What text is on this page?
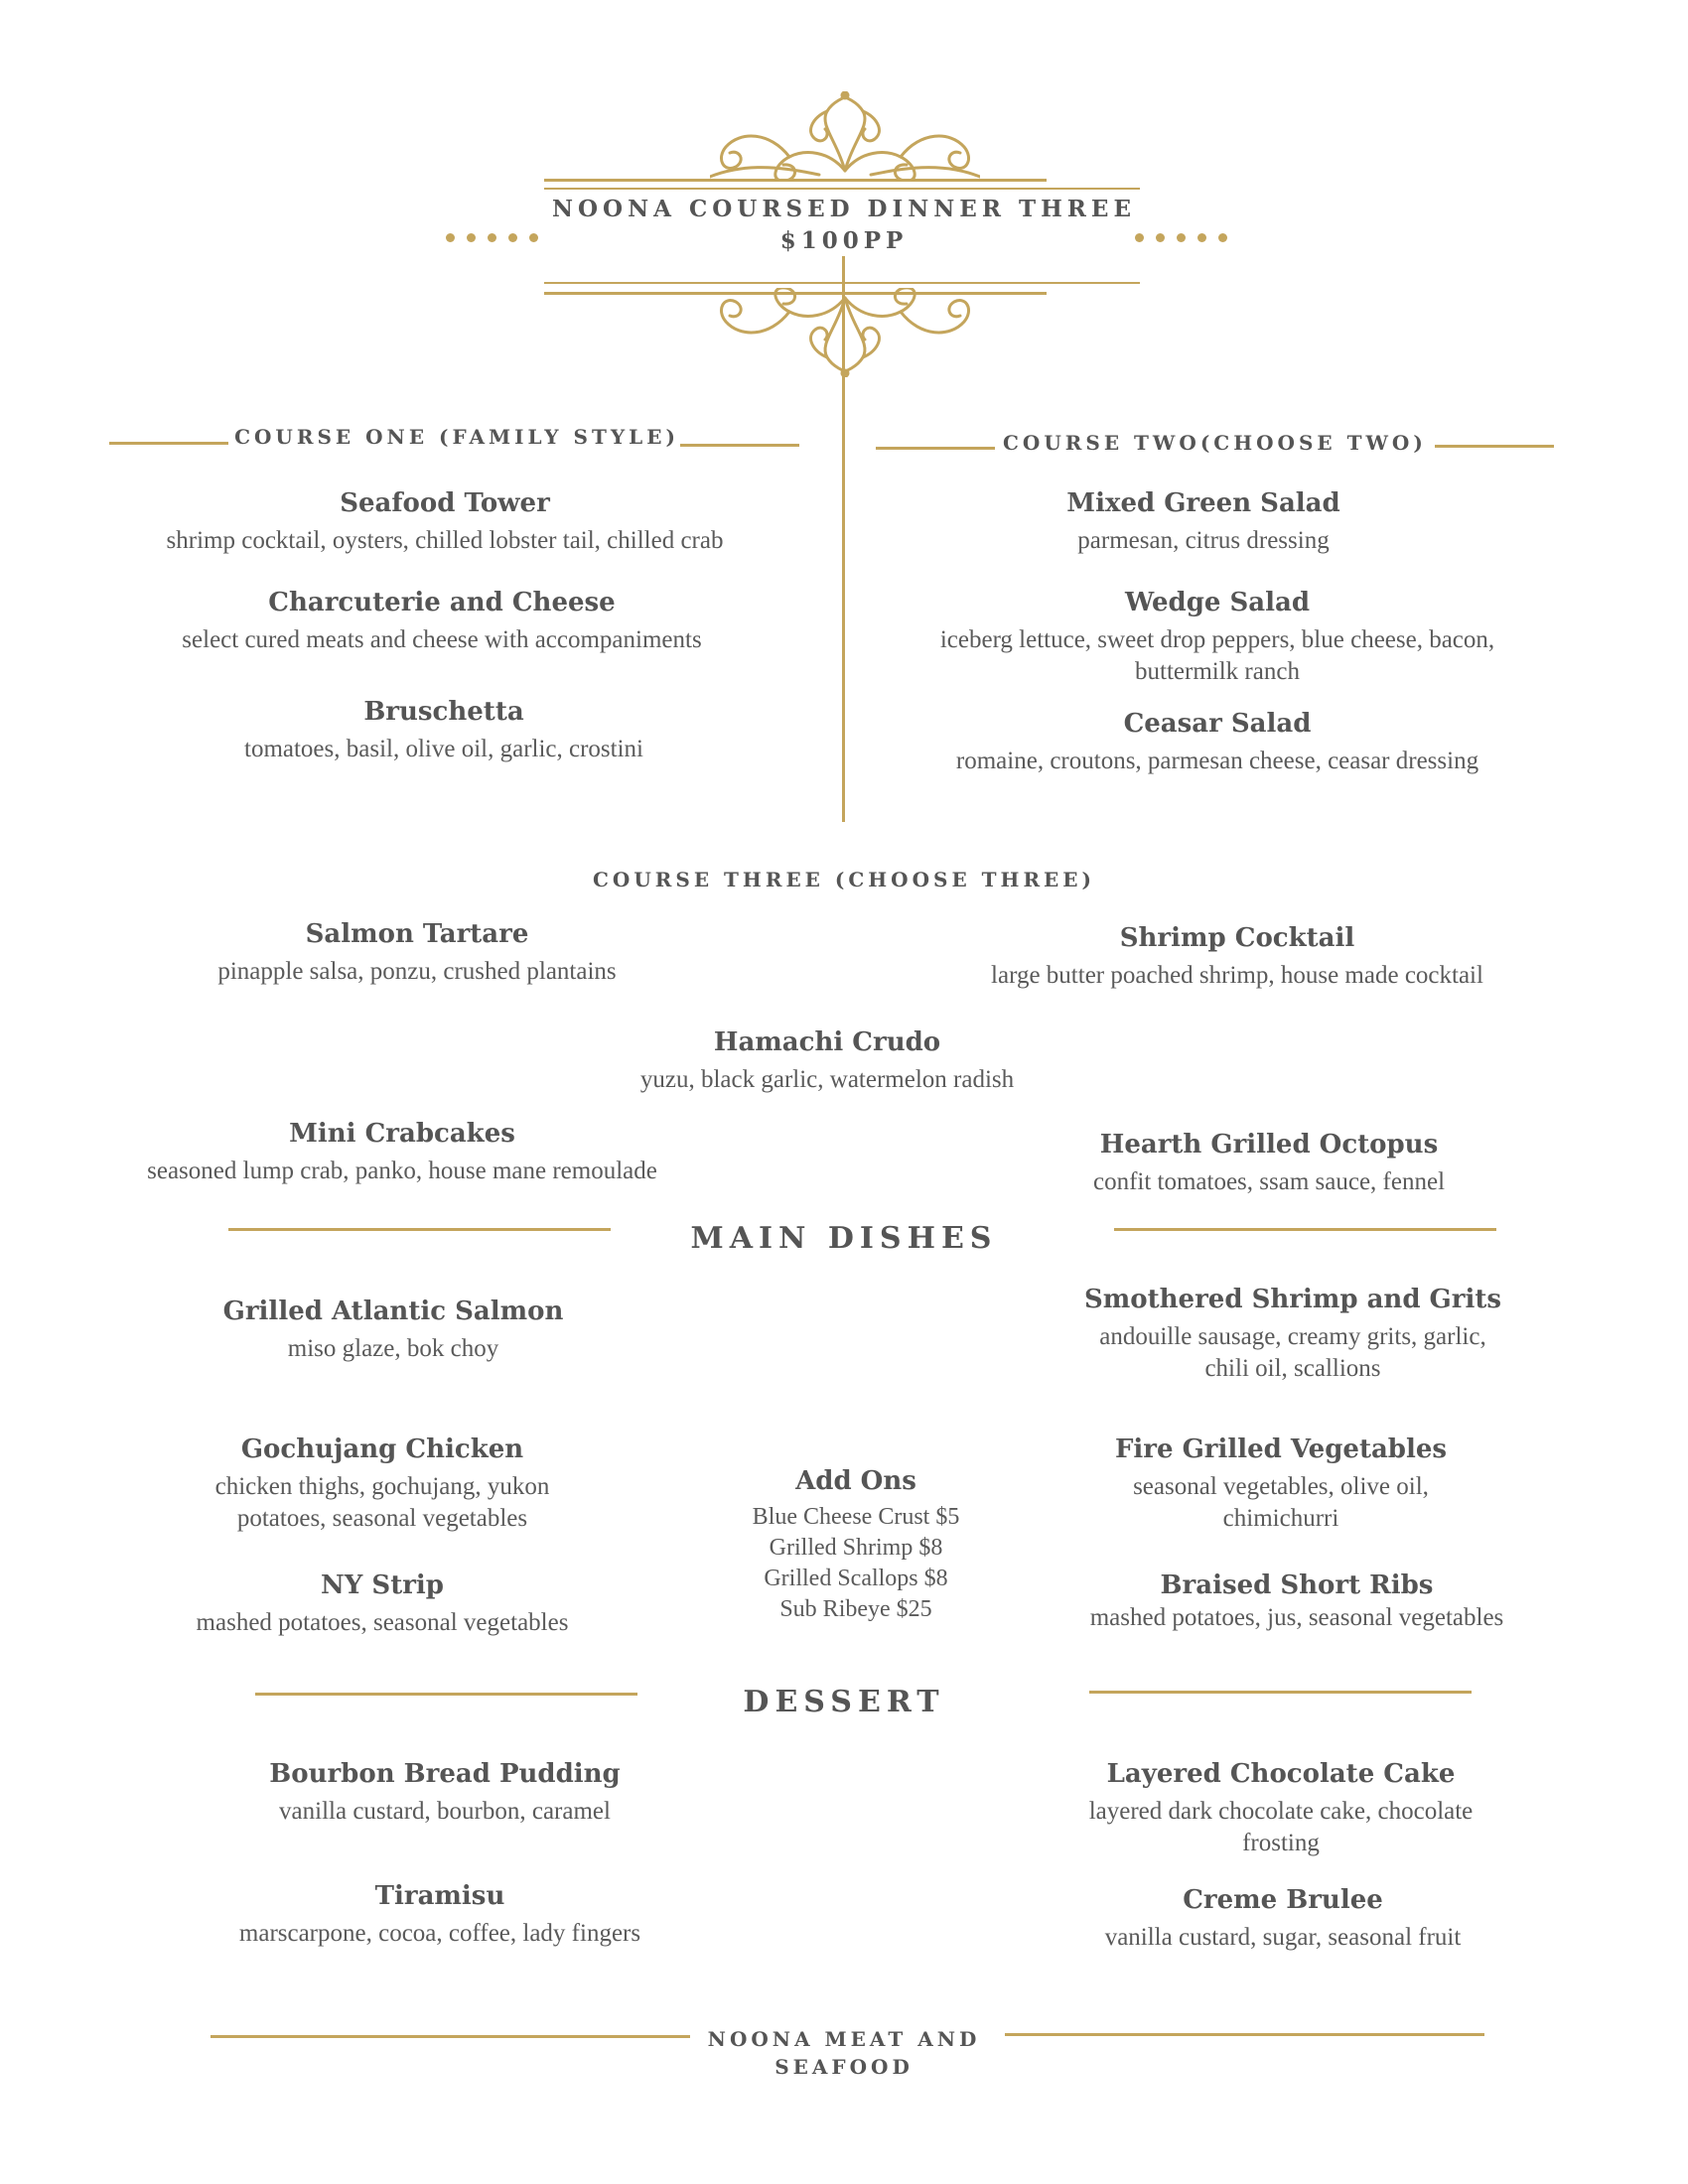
NOONA COURSED DINNER THREE
$100PP
COURSE ONE (FAMILY STYLE)
Seafood Tower
shrimp cocktail, oysters, chilled lobster tail, chilled crab
Charcuterie and Cheese
select cured meats and cheese with accompaniments
Bruschetta
tomatoes, basil, olive oil, garlic, crostini
COURSE TWO(CHOOSE TWO)
Mixed Green Salad
parmesan, citrus dressing
Wedge Salad
iceberg lettuce, sweet drop peppers, blue cheese, bacon, buttermilk ranch
Ceasar Salad
romaine, croutons, parmesan cheese, ceasar dressing
COURSE THREE (CHOOSE THREE)
Salmon Tartare
pinapple salsa, ponzu, crushed plantains
Shrimp Cocktail
large butter poached shrimp, house made cocktail
Hamachi Crudo
yuzu, black garlic, watermelon radish
Mini Crabcakes
seasoned lump crab, panko, house mane remoulade
Hearth Grilled Octopus
confit tomatoes, ssam sauce, fennel
MAIN DISHES
Grilled Atlantic Salmon
miso glaze, bok choy
Smothered Shrimp and Grits
andouille sausage, creamy grits, garlic, chili oil, scallions
Gochujang Chicken
chicken thighs, gochujang, yukon potatoes, seasonal vegetables
Fire Grilled Vegetables
seasonal vegetables, olive oil, chimichurri
NY Strip
mashed potatoes, seasonal vegetables
Braised Short Ribs
mashed potatoes, jus, seasonal vegetables
Add Ons
Blue Cheese Crust $5
Grilled Shrimp $8
Grilled Scallops $8
Sub Ribeye $25
DESSERT
Bourbon Bread Pudding
vanilla custard, bourbon, caramel
Layered Chocolate Cake
layered dark chocolate cake, chocolate frosting
Tiramisu
marscarpone, cocoa, coffee, lady fingers
Creme Brulee
vanilla custard, sugar, seasonal fruit
NOONA MEAT AND
SEAFOOD
